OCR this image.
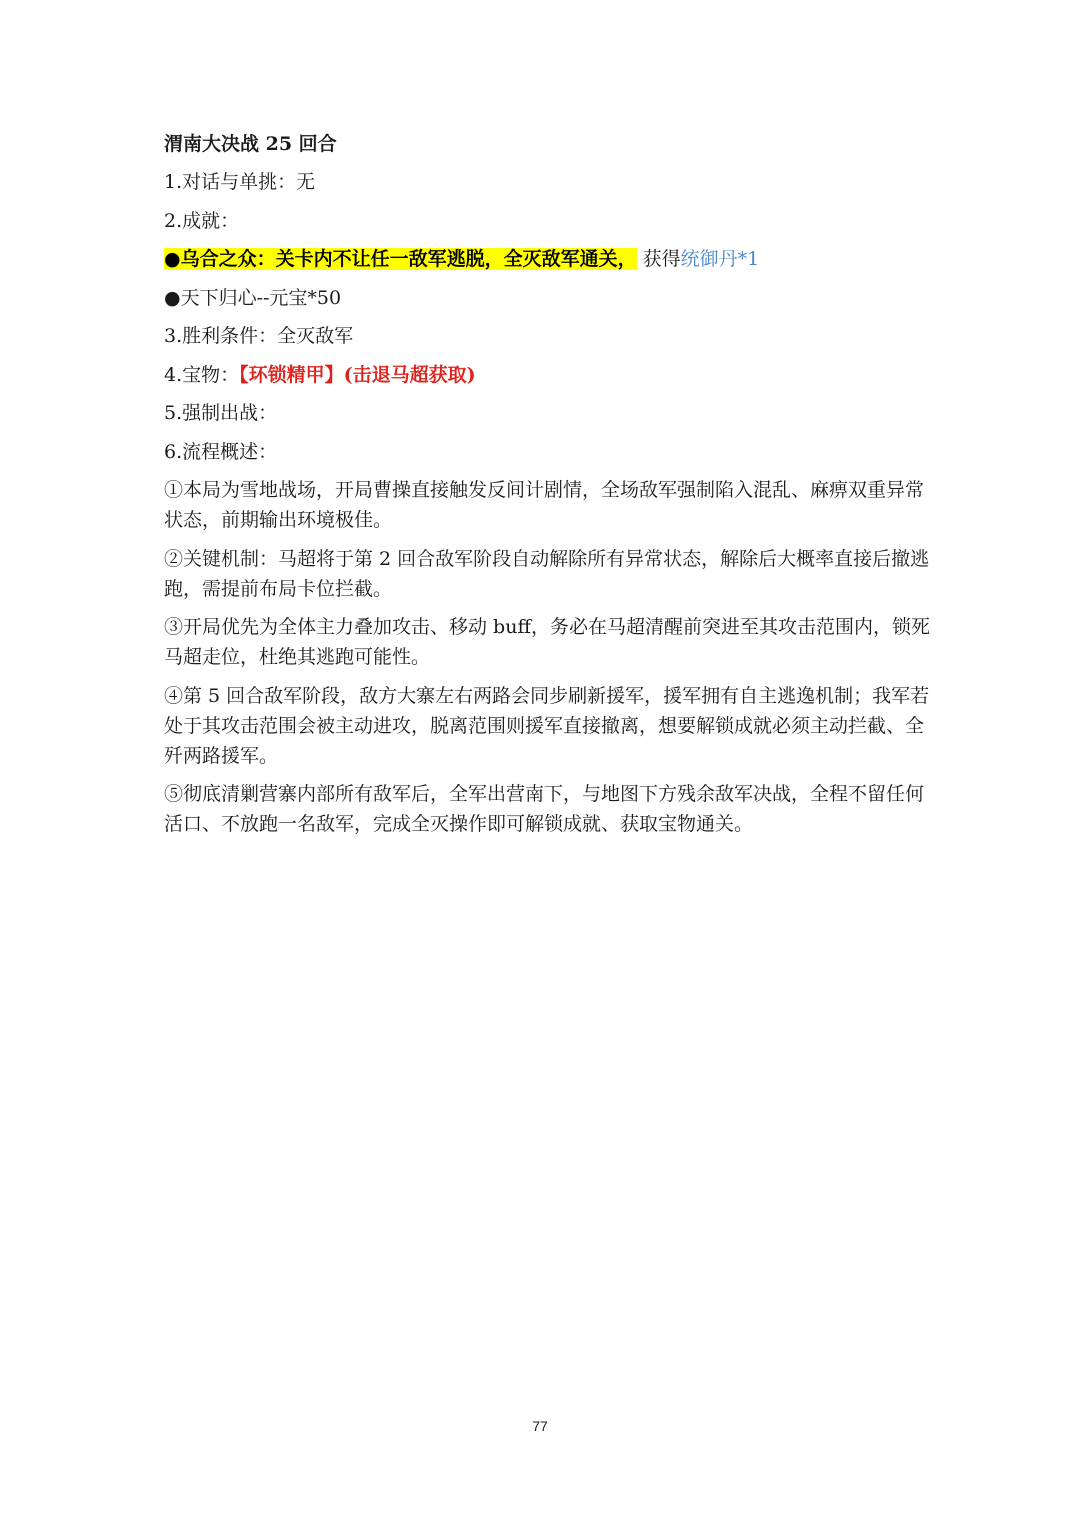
渭南大决战 25 回合
1.对话与单挑：无
2.成就：
●乌合之众：关卡内不让任一敌军逃脱，全灭敌军通关， 获得统御丹*1
●天下归心--元宝*50
3.胜利条件：全灭敌军
4.宝物：【环锁精甲】(击退马超获取)
5.强制出战：
6.流程概述：
①本局为雪地战场，开局曹操直接触发反间计剧情，全场敌军强制陷入混乱、麻痹双重异常状态，前期输出环境极佳。
②关键机制：马超将于第 2 回合敌军阶段自动解除所有异常状态，解除后大概率直接后撤逃跑，需提前布局卡位拦截。
③开局优先为全体主力叠加攻击、移动 buff，务必在马超清醒前突进至其攻击范围内，锁死马超走位，杜绝其逃跑可能性。
④第 5 回合敌军阶段，敌方大寨左右两路会同步刷新援军，援军拥有自主逃逸机制；我军若处于其攻击范围会被主动进攻，脱离范围则援军直接撤离，想要解锁成就必须主动拦截、全歼两路援军。
⑤彻底清剿营寨内部所有敌军后，全军出营南下，与地图下方残余敌军决战，全程不留任何活口、不放跑一名敌军，完成全灭操作即可解锁成就、获取宝物通关。
77
